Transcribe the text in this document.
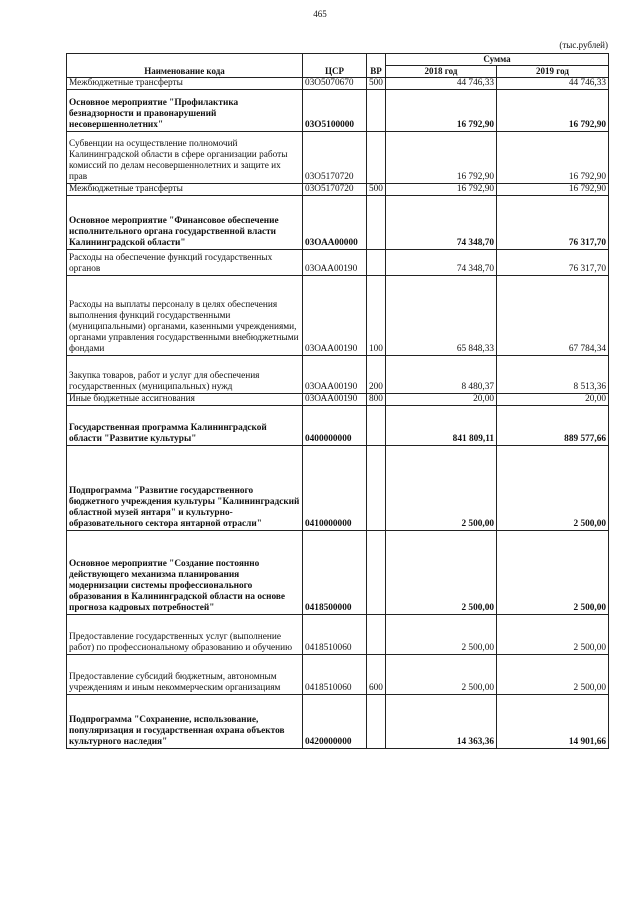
465
(тыс.рублей)
Наименование кода	ЦСР	ВР	Сумма	
			2018 год	2019 год
Межбюджетные трансферты	03О5070670	500	44 746,33	44 746,33
Основное мероприятие "Профилактика безнадзорности и правонарушений несовершеннолетних"	03О5100000		16 792,90	16 792,90
Субвенции на осуществление полномочий Калининградской области в сфере организации работы комиссий по делам несовершеннолетних и защите их прав	03О5170720		16 792,90	16 792,90
Межбюджетные трансферты	03О5170720	500	16 792,90	16 792,90
Основное мероприятие "Финансовое обеспечение исполнительного органа государственной власти Калининградской области"	03ОАА00000		74 348,70	76 317,70
Расходы на обеспечение функций государственных органов	03ОАА00190		74 348,70	76 317,70
Расходы на выплаты персоналу в целях обеспечения выполнения функций государственными (муниципальными) органами, казенными учреждениями, органами управления государственными внебюджетными фондами	03ОАА00190	100	65 848,33	67 784,34
Закупка товаров, работ и услуг для обеспечения государственных (муниципальных) нужд	03ОАА00190	200	8 480,37	8 513,36
Иные бюджетные ассигнования	03ОАА00190	800	20,00	20,00
Государственная программа Калининградской области "Развитие культуры"	0400000000		841 809,11	889 577,66
Подпрограмма "Развитие государственного бюджетного учреждения культуры "Калининградский областной музей янтаря" и культурно-образовательного сектора янтарной отрасли"	0410000000		2 500,00	2 500,00
Основное мероприятие "Создание постоянно действующего механизма планирования модернизации системы профессионального образования в Калининградской области на основе прогноза кадровых потребностей"	0418500000		2 500,00	2 500,00
Предоставление государственных услуг (выполнение работ) по профессиональному образованию и обучению	0418510060		2 500,00	2 500,00
Предоставление субсидий бюджетным, автономным учреждениям и иным некоммерческим организациям	0418510060	600	2 500,00	2 500,00
Подпрограмма "Сохранение, использование, популяризация и государственная охрана объектов культурного наследия"	0420000000		14 363,36	14 901,66
